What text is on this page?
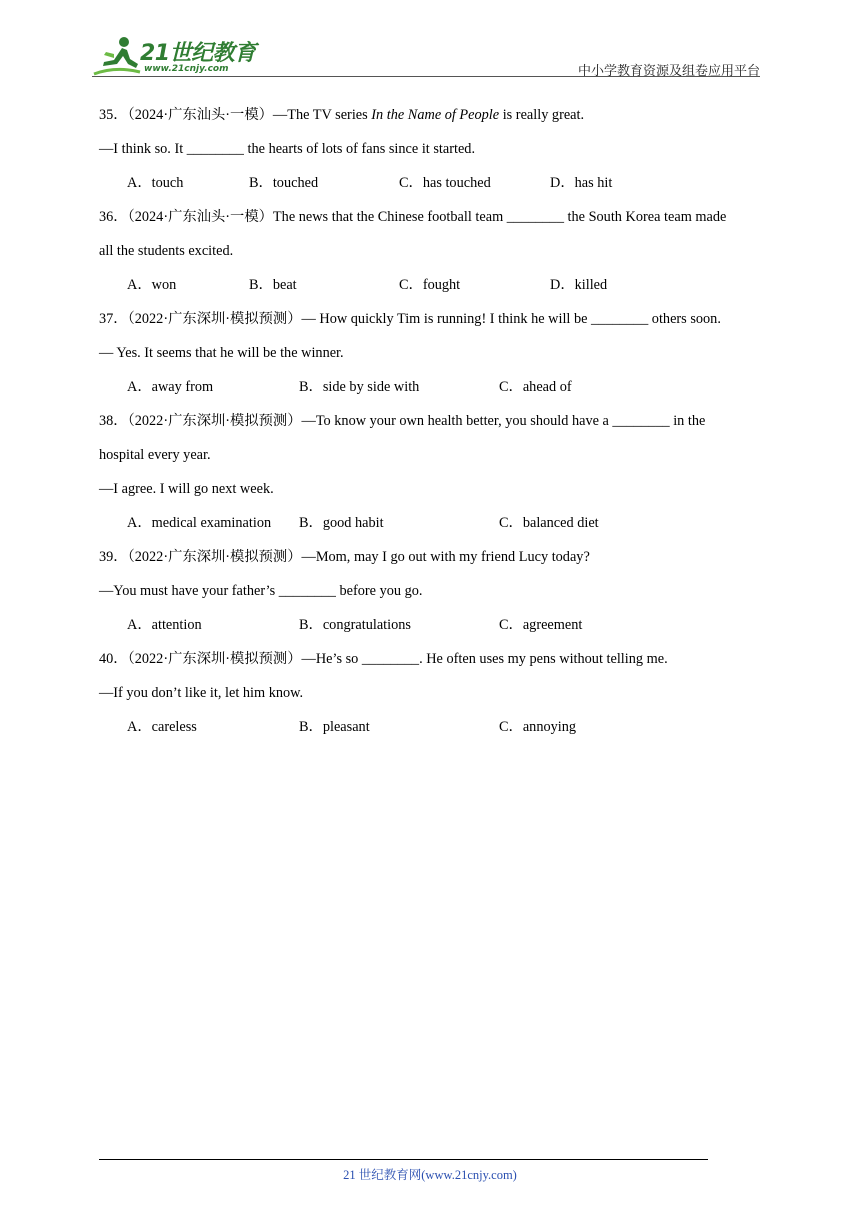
21世纪教育
www.21cnjy.com	中小学教育资源及组卷应用平台
35．（2024·广东汕头·一模）—The TV series In the Name of People is really great.
—I think so. It ________ the hearts of lots of fans since it started.
A．touch	B．touched	C．has touched	D．has hit
36．（2024·广东汕头·一模）The news that the Chinese football team ________ the South Korea team made
all the students excited.
A．won	B．beat	C．fought	D．killed
37．（2022·广东深圳·模拟预测）— How quickly Tim is running! I think he will be ________ others soon.
— Yes. It seems that he will be the winner.
A．away from	B．side by side with	C．ahead of
38．（2022·广东深圳·模拟预测）—To know your own health better, you should have a ________ in the
hospital every year.
—I agree. I will go next week.
A．medical examination B．good habit	C．balanced diet
39．（2022·广东深圳·模拟预测）—Mom, may I go out with my friend Lucy today?
—You must have your father’s ________ before you go.
A．attention	B．congratulations	C．agreement
40．（2022·广东深圳·模拟预测）—He’s so ________. He often uses my pens without telling me.
—If you don’t like it, let him know.
A．careless	B．pleasant	C．annoying
21 世纪教育网(www.21cnjy.com)
